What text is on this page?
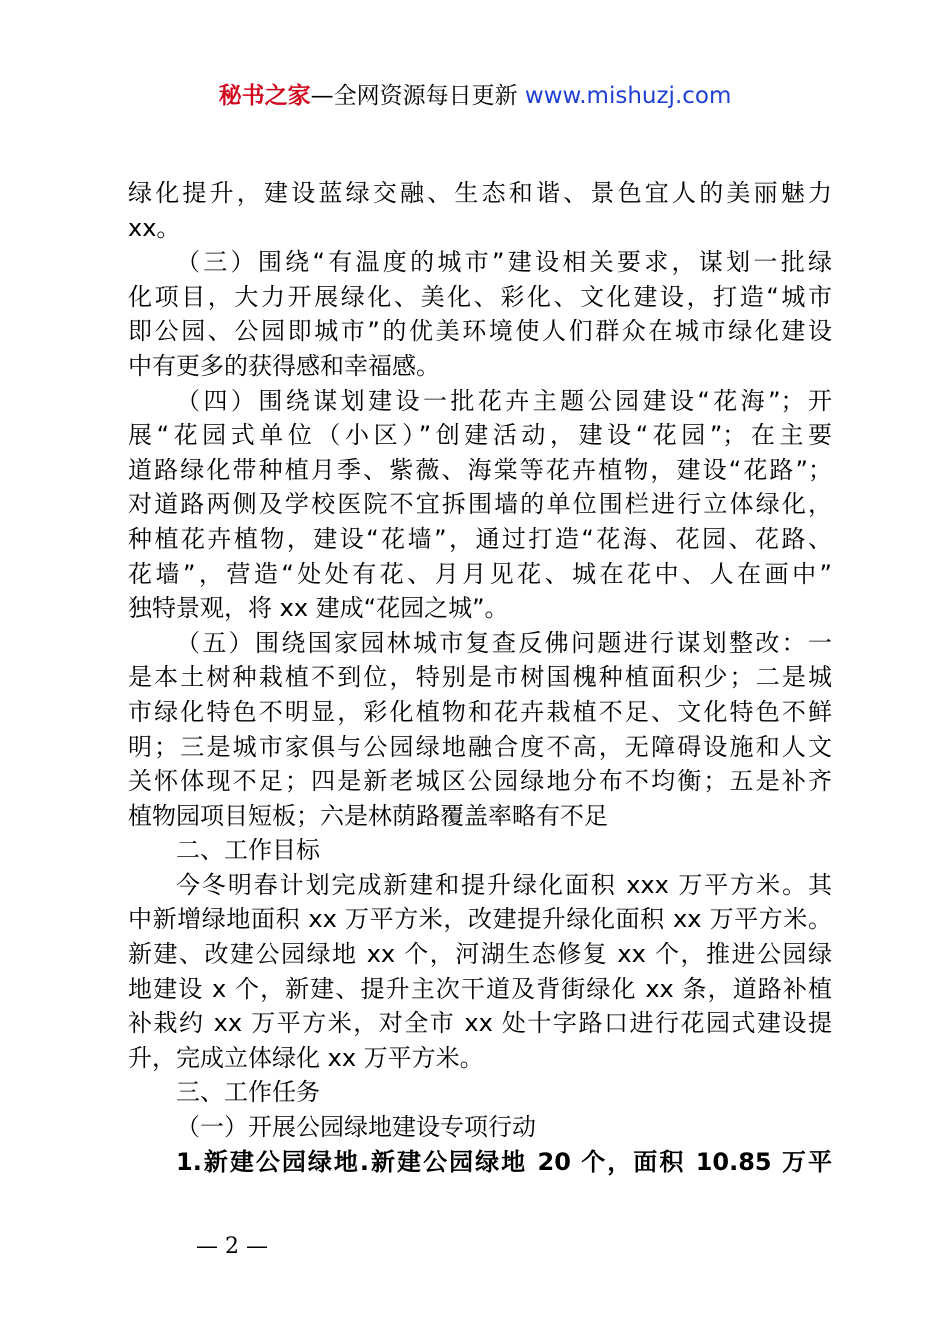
秘书之家—全网资源每日更新 www.mishuzj.com
绿化提升，建设蓝绿交融、生态和谐、景色宜人的美丽魅力
xx。
（三）围绕“有温度的城市”建设相关要求，谋划一批绿
化项目，大力开展绿化、美化、彩化、文化建设，打造“城市
即公园、公园即城市”的优美环境使人们群众在城市绿化建设
中有更多的获得感和幸福感。
（四）围绕谋划建设一批花卉主题公园建设“花海”；开
展“花园式单位（小区）”创建活动，建设“花园”；在主要
道路绿化带种植月季、紫薇、海棠等花卉植物，建设“花路”；
对道路两侧及学校医院不宜拆围墙的单位围栏进行立体绿化，
种植花卉植物，建设“花墙”，通过打造“花海、花园、花路、
花墙”，营造“处处有花、月月见花、城在花中、人在画中”
独特景观，将 xx 建成“花园之城”。
（五）围绕国家园林城市复查反佛问题进行谋划整改：一
是本土树种栽植不到位，特别是市树国槐种植面积少；二是城
市绿化特色不明显，彩化植物和花卉栽植不足、文化特色不鲜
明；三是城市家俱与公园绿地融合度不高，无障碍设施和人文
关怀体现不足；四是新老城区公园绿地分布不均衡；五是补齐
植物园项目短板；六是林荫路覆盖率略有不足
二、工作目标
今冬明春计划完成新建和提升绿化面积 xxx 万平方米。其
中新增绿地面积 xx 万平方米，改建提升绿化面积 xx 万平方米。
新建、改建公园绿地 xx 个，河湖生态修复 xx 个，推进公园绿
地建设 x 个，新建、提升主次干道及背街绿化 xx 条，道路补植
补栽约 xx 万平方米，对全市 xx 处十字路口进行花园式建设提
升，完成立体绿化 xx 万平方米。
三、工作任务
（一）开展公园绿地建设专项行动
1.新建公园绿地.新建公园绿地 20 个，面积 10.85 万平
— 2 —
